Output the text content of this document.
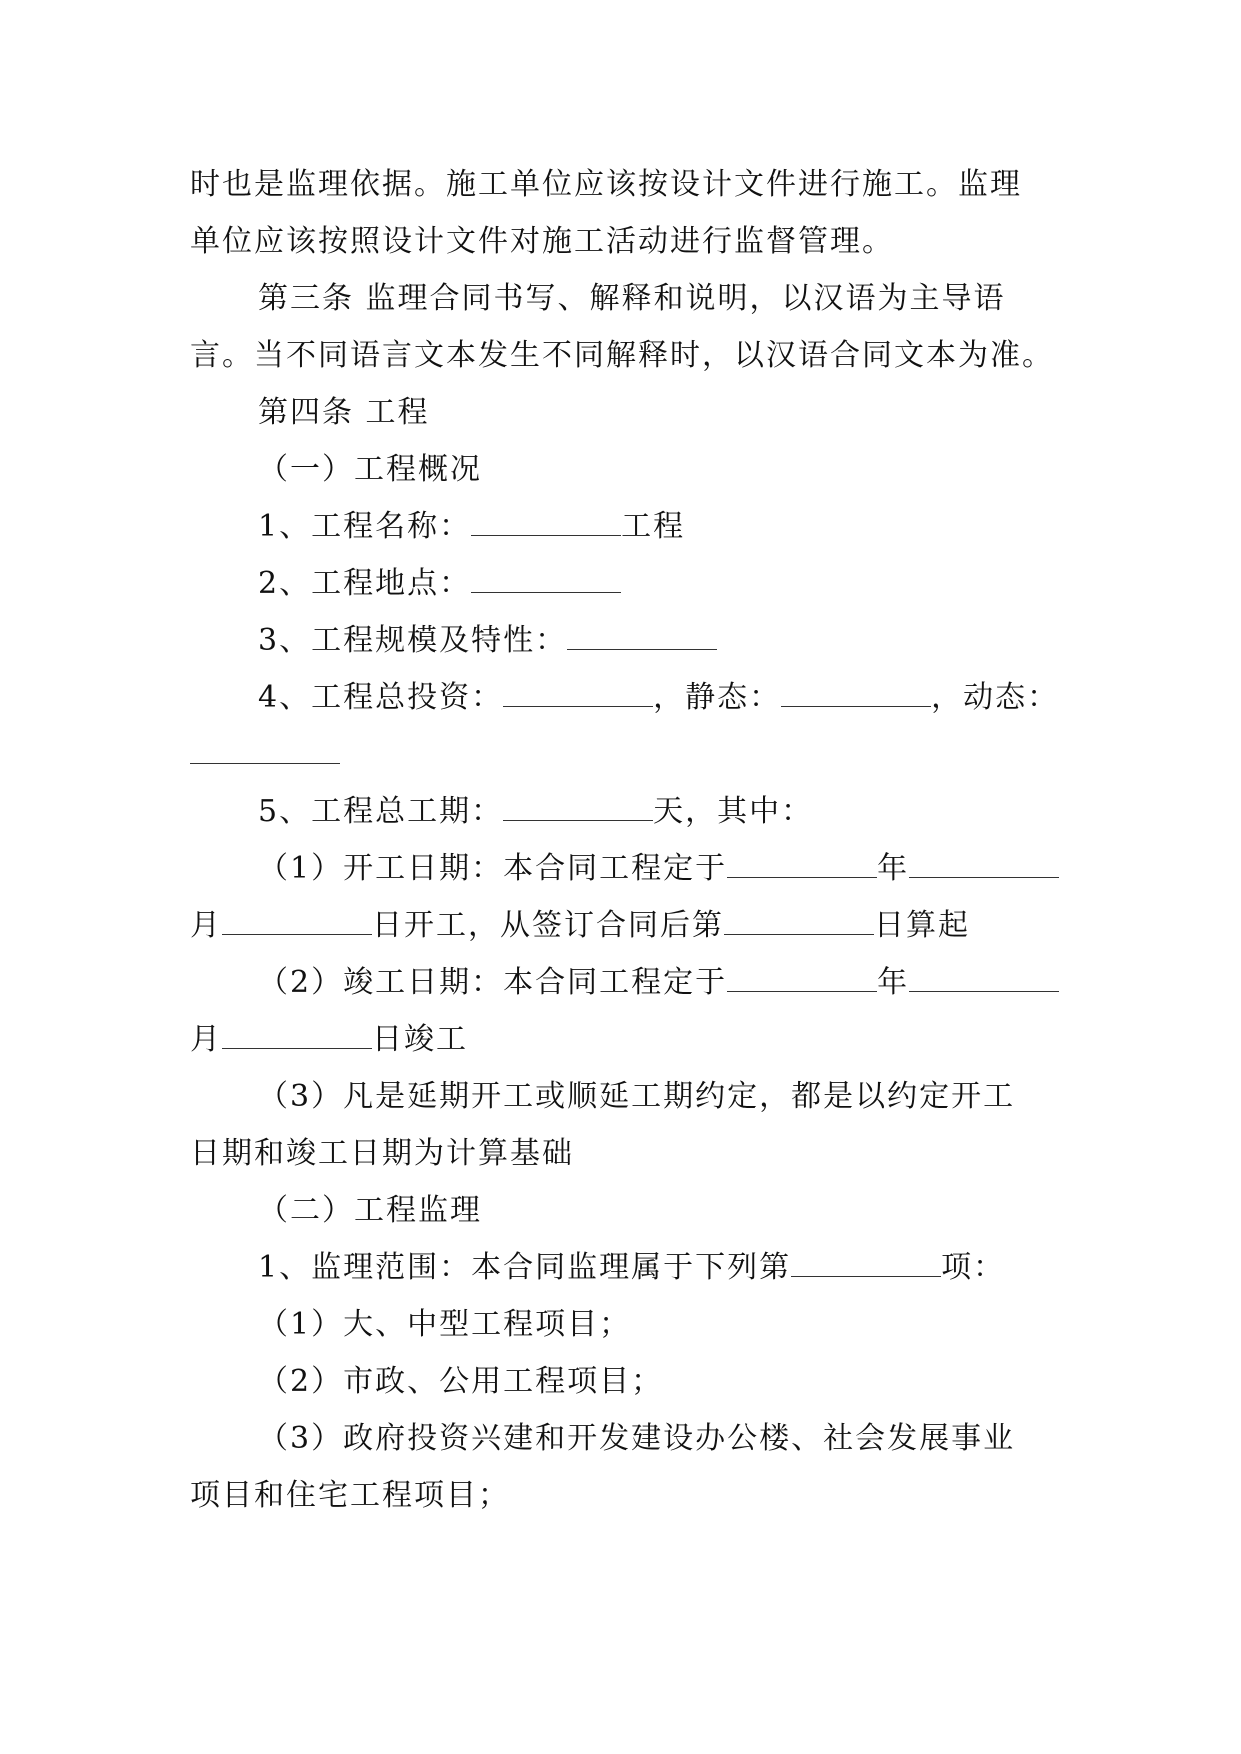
时也是监理依据。施工单位应该按设计文件进行施工。监理
单位应该按照设计文件对施工活动进行监督管理。
第三条 监理合同书写、解释和说明，以汉语为主导语
言。当不同语言文本发生不同解释时，以汉语合同文本为准。
第四条 工程
（一）工程概况
1、工程名称：	工程
2、工程地点：
3、工程规模及特性：
4、工程总投资：	，静态：	，动态：
5、工程总工期：	天，其中：
（1）开工日期：本合同工程定于	年
月	日开工，从签订合同后第	日算起
（2）竣工日期：本合同工程定于	年
月	日竣工
（3）凡是延期开工或顺延工期约定，都是以约定开工
日期和竣工日期为计算基础
（二）工程监理
1、监理范围：本合同监理属于下列第	项：
（1）大、中型工程项目；
（2）市政、公用工程项目；
（3）政府投资兴建和开发建设办公楼、社会发展事业
项目和住宅工程项目；
